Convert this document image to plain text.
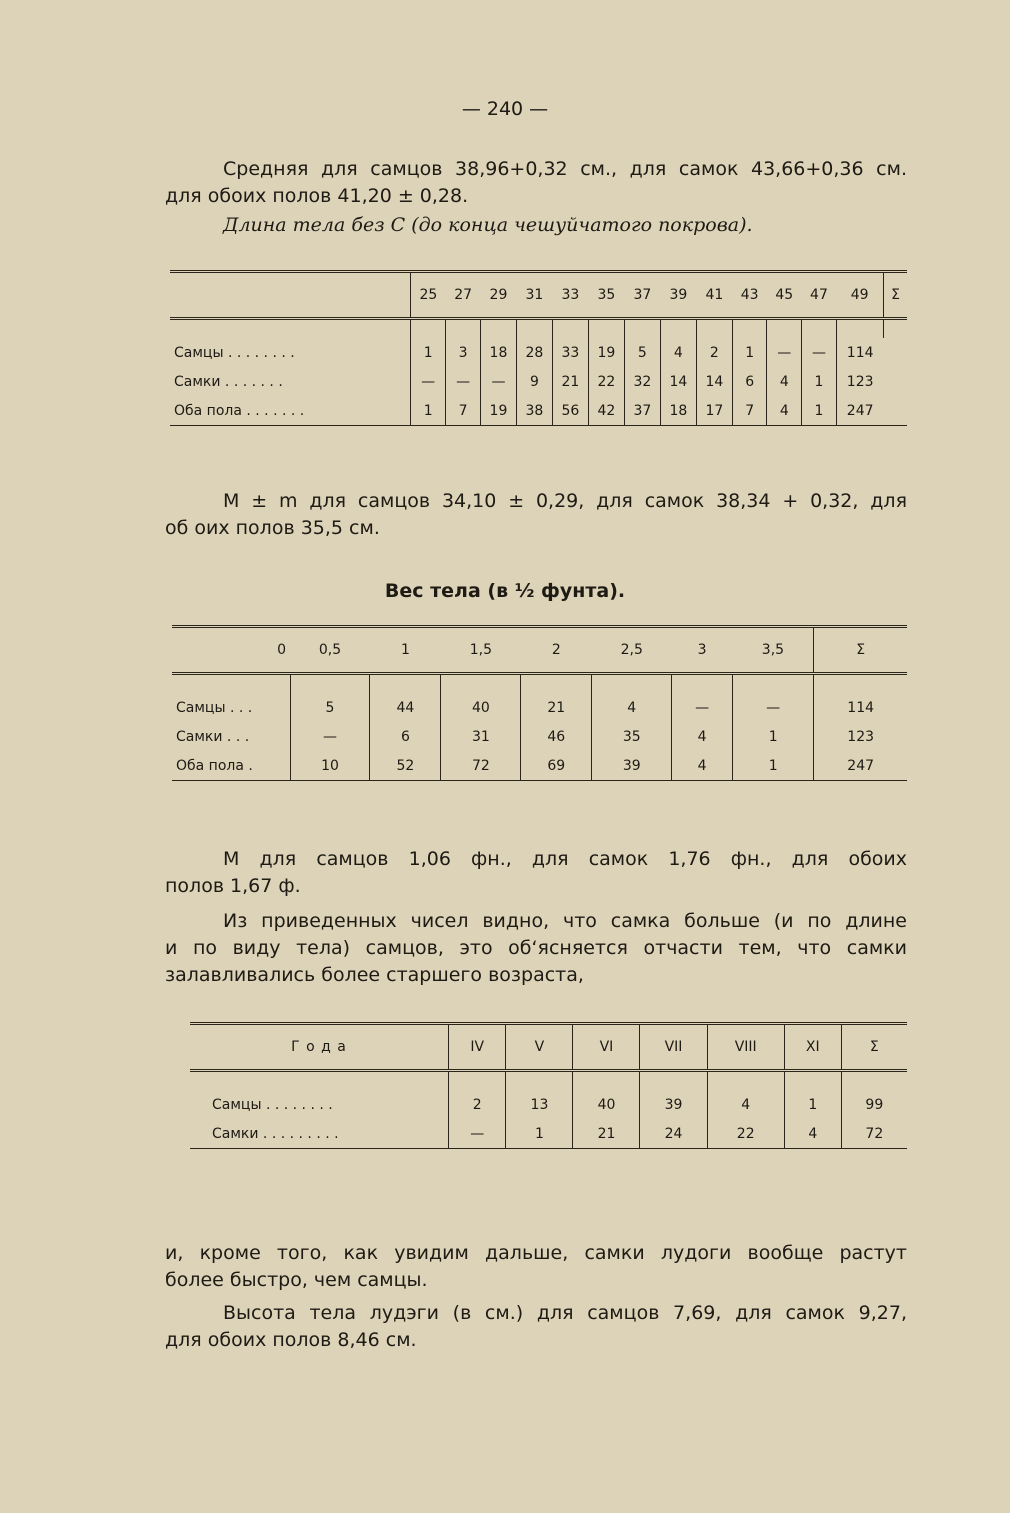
— 240 —
Средняя для самцов 38,96+0,32 см., для самок 43,66+0,36 см.
для обоих полов 41,20 ± 0,28.
Длина тела без C (до конца чешуйчатого покрова).
	25	27	29	31	33	35	37	39	41	43	45	47	49	Σ

Самцы . . . . . . . .	1	3	18	28	33	19	5	4	2	1	—	—	114	
Самки . . . . . . .	—	—	—	9	21	22	32	14	14	6	4	1	123	
Оба пола . . . . . . .	1	7	19	38	56	42	37	18	17	7	4	1	247	
M ± m для самцов 34,10 ± 0,29, для самок 38,34 + 0,32, для
об оих полов 35,5 см.
Вес тела (в ½ фунта).
0	0,5	1	1,5	2	2,5	3	3,5	Σ

Самцы . . .	5	44	40	21	4	—	—	114
Самки . . .	—	6	31	46	35	4	1	123
Оба пола .	10	52	72	69	39	4	1	247
M для самцов 1,06 фн., для самок 1,76 фн., для обоих
полов 1,67 ф.
Из приведенных чисел видно, что самка больше (и по длине
и по виду тела) самцов, это об‘ясняется отчасти тем, что самки
залавливались более старшего возраста,
Г о д а	IV	V	VI	VII	VIII	XI	Σ

Самцы . . . . . . . .	2	13	40	39	4	1	99
Самки . . . . . . . . .	—	1	21	24	22	4	72
и, кроме того, как увидим дальше, самки лудоги вообще растут
более быстро, чем самцы.
Высота тела лудэги (в см.) для самцов 7,69, для самок 9,27,
для обоих полов 8,46 см.
